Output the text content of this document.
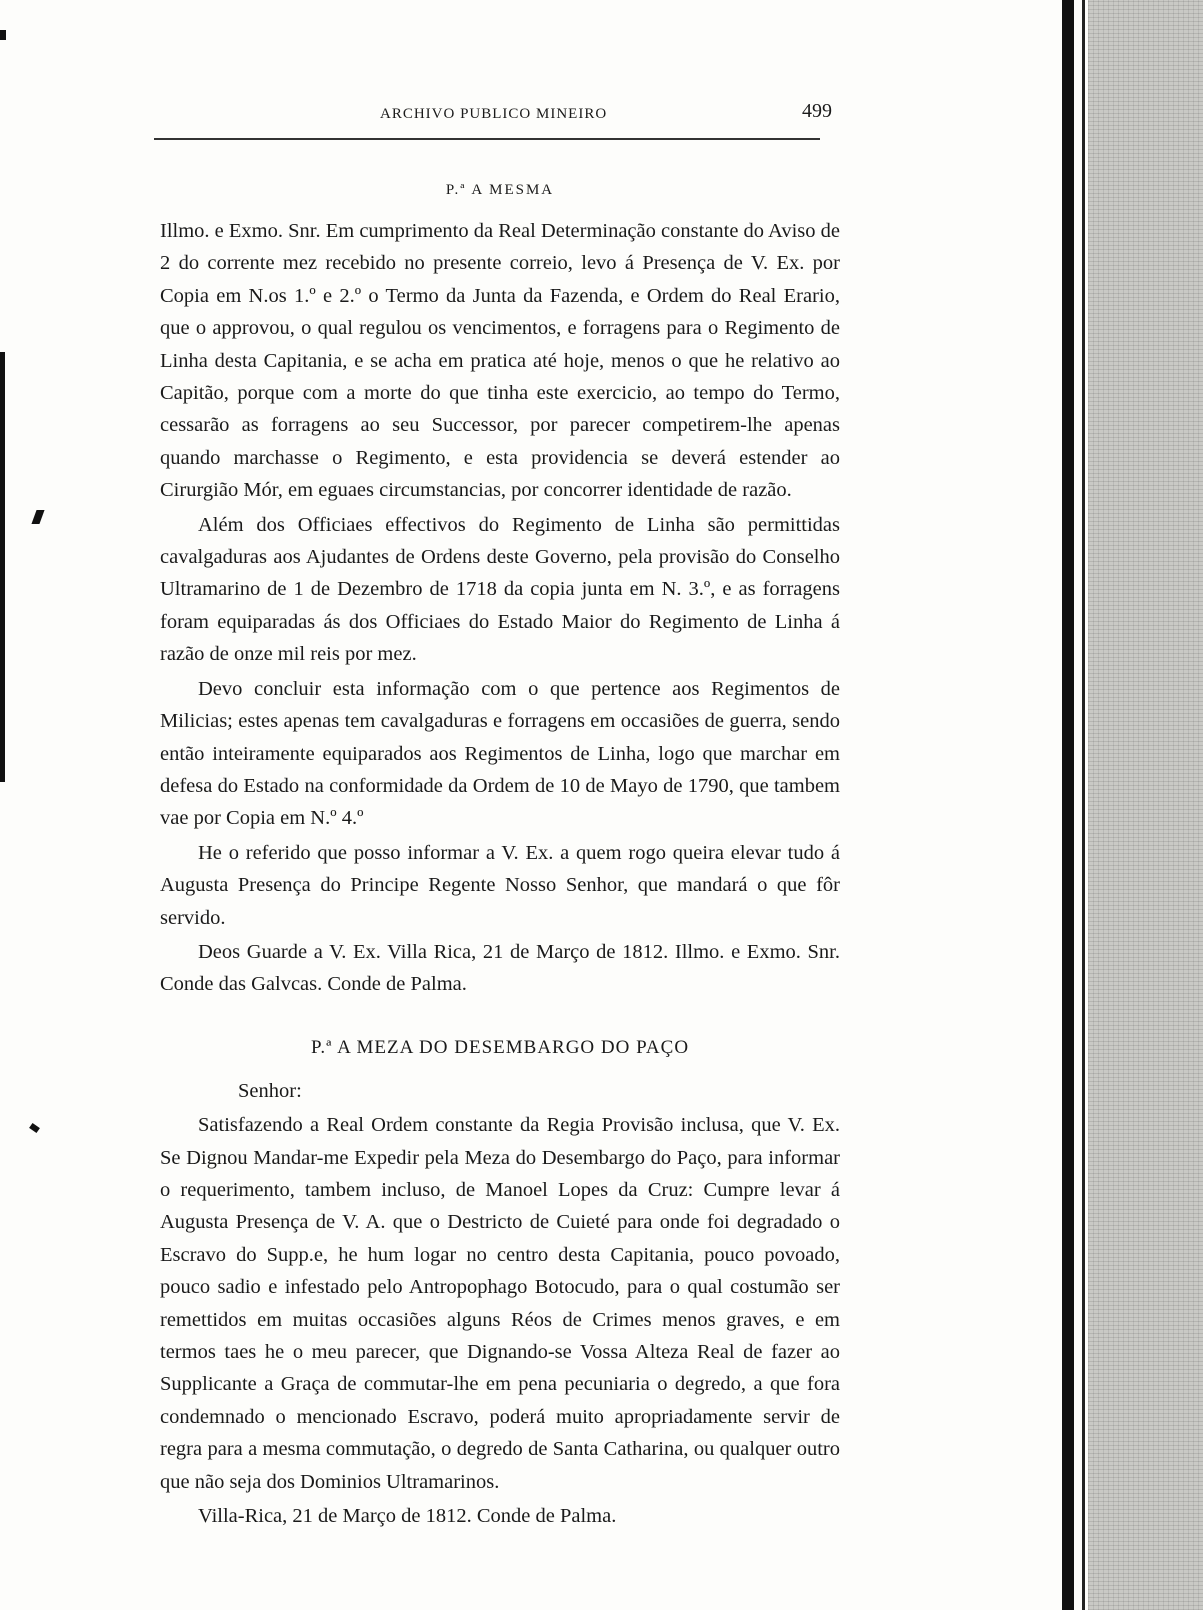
ARCHIVO PUBLICO MINEIRO	499
P.ª A MESMA

Illmo. e Exmo. Snr. Em cumprimento da Real Determinação constante do Aviso de 2 do corrente mez recebido no presente correio, levo á Presença de V. Ex. por Copia em N.os 1.º e 2.º o Termo da Junta da Fazenda, e Ordem do Real Erario, que o approvou, o qual regulou os vencimentos, e forragens para o Regimento de Linha desta Capitania, e se acha em pratica até hoje, menos o que he relativo ao Capitão, porque com a morte do que tinha este exercicio, ao tempo do Termo, cessarão as forragens ao seu Successor, por parecer competirem-lhe apenas quando marchasse o Regimento, e esta providencia se deverá estender ao Cirurgião Mór, em eguaes circumstancias, por concorrer identidade de razão.

Além dos Officiaes effectivos do Regimento de Linha são permittidas cavalgaduras aos Ajudantes de Ordens deste Governo, pela provisão do Conselho Ultramarino de 1 de Dezembro de 1718 da copia junta em N. 3.º, e as forragens foram equiparadas ás dos Officiaes do Estado Maior do Regimento de Linha á razão de onze mil reis por mez.

Devo concluir esta informação com o que pertence aos Regimentos de Milicias; estes apenas tem cavalgaduras e forragens em occasiões de guerra, sendo então inteiramente equiparados aos Regimentos de Linha, logo que marchar em defesa do Estado na conformidade da Ordem de 10 de Mayo de 1790, que tambem vae por Copia em N.º 4.º

He o referido que posso informar a V. Ex. a quem rogo queira elevar tudo á Augusta Presença do Principe Regente Nosso Senhor, que mandará o que fôr servido.

Deos Guarde a V. Ex. Villa Rica, 21 de Março de 1812. Illmo. e Exmo. Snr. Conde das Galvcas. Conde de Palma.

P.ª A MEZA DO DESEMBARGO DO PAÇO

Senhor:

Satisfazendo a Real Ordem constante da Regia Provisão inclusa, que V. Ex. Se Dignou Mandar-me Expedir pela Meza do Desembargo do Paço, para informar o requerimento, tambem incluso, de Manoel Lopes da Cruz: Cumpre levar á Augusta Presença de V. A. que o Destricto de Cuieté para onde foi degradado o Escravo do Supp.e, he hum logar no centro desta Capitania, pouco povoado, pouco sadio e infestado pelo Antropophago Botocudo, para o qual costumão ser remettidos em muitas occasiões alguns Réos de Crimes menos graves, e em termos taes he o meu parecer, que Dignando-se Vossa Alteza Real de fazer ao Supplicante a Graça de commutar-lhe em pena pecuniaria o degredo, a que fora condemnado o mencionado Escravo, poderá muito apropriadamente servir de regra para a mesma commutação, o degredo de Santa Catharina, ou qualquer outro que não seja dos Dominios Ultramarinos.

Villa-Rica, 21 de Março de 1812. Conde de Palma.
